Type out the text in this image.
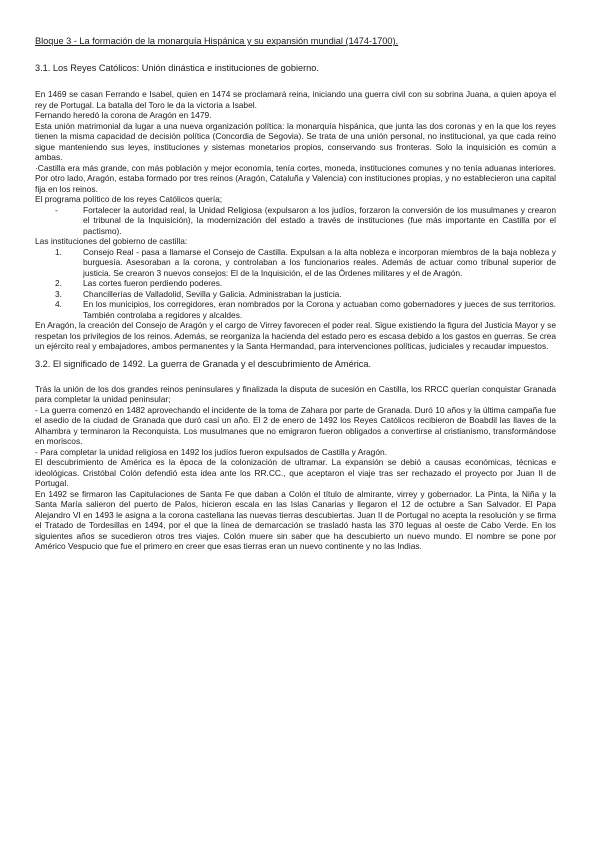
Bloque 3 - La formación de la monarquía Hispánica y su expansión mundial (1474-1700).
3.1. Los Reyes Católicos: Unión dinástica e instituciones de gobierno.

En 1469 se casan Ferrando e Isabel, quien en 1474 se proclamará reina, iniciando una guerra civil con su sobrina Juana, a quien apoya el rey de Portugal. La batalla del Toro le da la victoria a Isabel.

Fernando heredó la corona de Aragón en 1479.

Esta unión matrimonial da lugar a una nueva organización política: la monarquía hispánica, que junta las dos coronas y en la que los reyes tienen la misma capacidad de decisión política (Concordia de Segovia). Se trata de una unión personal, no institucional, ya que cada reino sigue manteniendo sus leyes, instituciones y sistemas monetarios propios, conservando sus fronteras. Solo la inquisición es común a ambas.

·Castilla era más grande, con más población y mejor economía, tenía cortes, moneda, instituciones comunes y no tenía aduanas interiores. Por otro lado, Aragón, estaba formado por tres reinos (Aragón, Cataluña y Valencia) con instituciones propias, y no establecieron una capital fija en los reinos.

El programa político de los reyes Católicos quería;

- Fortalecer la autoridad real, la Unidad Religiosa (expulsaron a los judíos, forzaron la conversión de los musulmanes y crearon el tribunal de la Inquisición), la modernización del estado a través de instituciones (fue más importante en Castilla por el pactismo).

Las instituciones del gobierno de castilla:

1.	Consejo Real - pasa a llamarse el Consejo de Castilla. Expulsan a la alta nobleza e incorporan miembros de la baja nobleza y burguesía. Asesoraban a la corona, y controlaban a los funcionarios reales. Además de actuar como tribunal superior de justicia. Se crearon 3 nuevos consejos: El de la Inquisición, el de las Órdenes militares y el de Aragón.
2.	Las cortes fueron perdiendo poderes.
3.	Chancillerías de Valladolid, Sevilla y Galicia. Administraban la justicia.
4.	En los municipios, los corregidores, eran nombrados por la Corona y actuaban como gobernadores y jueces de sus territorios. También controlaba a regidores y alcaldes.

En Aragón, la creación del Consejo de Aragón y el cargo de Virrey favorecen el poder real. Sigue existiendo la figura del Justicia Mayor y se respetan los privilegios de los reinos. Además, se reorganiza la hacienda del estado pero es escasa debido a los gastos en guerras. Se crea un ejército real y embajadores, ambos permanentes y la Santa Hermandad, para intervenciones políticas, judiciales y recaudar impuestos.

3.2. El significado de 1492. La guerra de Granada y el descubrimiento de América.

Trás la unión de los dos grandes reinos peninsulares y finalizada la disputa de sucesión en Castilla, los RRCC querían conquistar Granada para completar la unidad peninsular;

- La guerra comenzó en 1482 aprovechando el incidente de la toma de Zahara por parte de Granada. Duró 10 años y la última campaña fue el asedio de la ciudad de Granada que duró casi un año. El 2 de enero de 1492 los Reyes Católicos recibieron de Boabdil las llaves de la Alhambra y terminaron la Reconquista. Los musulmanes que no emigraron fueron obligados a convertirse al cristianismo, transformándose en moriscos.

- Para completar la unidad religiosa en 1492 los judíos fueron expulsados de Castilla y Aragón.

El descubrimiento de América es la época de la colonización de ultramar. La expansión se debió a causas económicas, técnicas e ideológicas. Cristóbal Colón defendió esta idea ante los RR.CC., que aceptaron el viaje tras ser rechazado el proyecto por Juan II de Portugal.

En 1492 se firmaron las Capitulaciones de Santa Fe que daban a Colón el título de almirante, virrey y gobernador. La Pinta, la Niña y la Santa María salieron del puerto de Palos, hicieron escala en las Islas Canarias y llegaron el 12 de octubre a San Salvador. El Papa Alejandro VI en 1493 le asigna a la corona castellana las nuevas tierras descubiertas. Juan II de Portugal no acepta la resolución y se firma el Tratado de Tordesillas en 1494, por el que la línea de demarcación se trasladó hasta las 370 leguas al oeste de Cabo Verde. En los siguientes años se sucedieron otros tres viajes. Colón muere sin saber que ha descubierto un nuevo mundo. El nombre se pone por Américo Vespucio que fue el primero en creer que esas tierras eran un nuevo continente y no las Indias.
